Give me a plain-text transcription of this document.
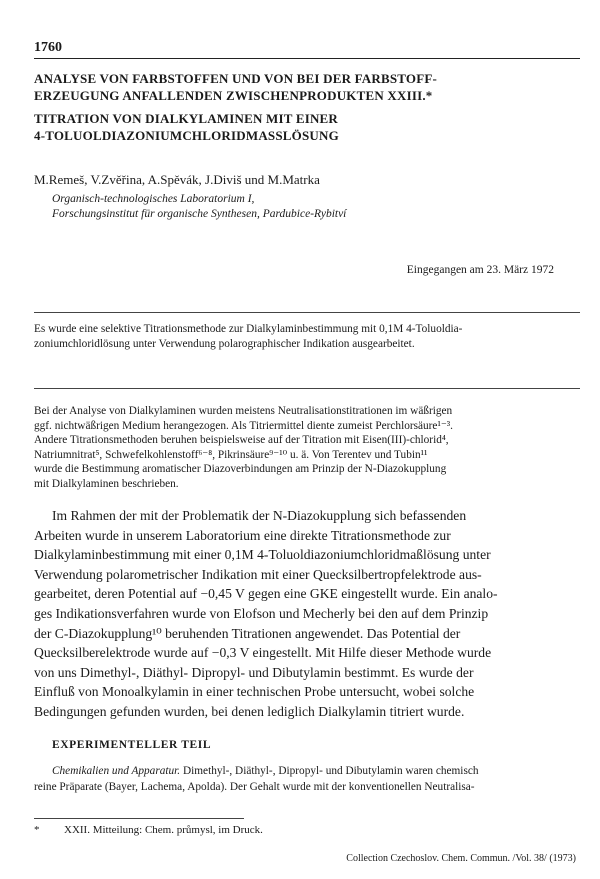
1760
ANALYSE VON FARBSTOFFEN UND VON BEI DER FARBSTOFF-
ERZEUGUNG ANFALLENDEN ZWISCHENPRODUKTEN XXIII.*
TITRATION VON DIALKYLAMINEN MIT EINER
4-TOLUOLDIAZONIUMCHLORIDMASSLÖSUNG
M.Remeš, V.Zvěřina, A.Spěvák, J.Diviš und M.Matrka
Organisch-technologisches Laboratorium I,
Forschungsinstitut für organische Synthesen, Pardubice-Rybitví
Eingegangen am 23. März 1972
Es wurde eine selektive Titrationsmethode zur Dialkylaminbestimmung mit 0,1M 4-Toluoldia-
zoniumchloridlösung unter Verwendung polarographischer Indikation ausgearbeitet.
Bei der Analyse von Dialkylaminen wurden meistens Neutralisationstitrationen im wäßrigen
ggf. nichtwäßrigen Medium herangezogen. Als Titriermittel diente zumeist Perchlorsäure¹⁻³.
Andere Titrationsmethoden beruhen beispielsweise auf der Titration mit Eisen(III)-chlorid⁴,
Natriumnitrat⁵, Schwefelkohlenstoff⁶⁻⁸, Pikrinsäure⁹⁻¹⁰ u. ä. Von Terentev und Tubin¹¹
wurde die Bestimmung aromatischer Diazoverbindungen am Prinzip der N-Diazokupplung
mit Dialkylaminen beschrieben.
Im Rahmen der mit der Problematik der N-Diazokupplung sich befassenden
Arbeiten wurde in unserem Laboratorium eine direkte Titrationsmethode zur
Dialkylaminbestimmung mit einer 0,1M 4-Toluoldiazoniumchloridmaßlösung unter
Verwendung polarometrischer Indikation mit einer Quecksilbertropfelektrode aus-
gearbeitet, deren Potential auf −0,45 V gegen eine GKE eingestellt wurde. Ein analo-
ges Indikationsverfahren wurde von Elofson und Mecherly bei den auf dem Prinzip
der C-Diazokupplung¹⁰ beruhenden Titrationen angewendet. Das Potential der
Quecksilberelektrode wurde auf −0,3 V eingestellt. Mit Hilfe dieser Methode wurde
von uns Dimethyl-, Diäthyl- Dipropyl- und Dibutylamin bestimmt. Es wurde der
Einfluß von Monoalkylamin in einer technischen Probe untersucht, wobei solche
Bedingungen gefunden wurden, bei denen lediglich Dialkylamin titriert wurde.
EXPERIMENTELLER TEIL
Chemikalien und Apparatur. Dimethyl-, Diäthyl-, Dipropyl- und Dibutylamin waren chemisch
reine Präparate (Bayer, Lachema, Apolda). Der Gehalt wurde mit der konventionellen Neutralisa-
* XXII. Mitteilung: Chem. průmysl, im Druck.
Collection Czechoslov. Chem. Commun. /Vol. 38/ (1973)
